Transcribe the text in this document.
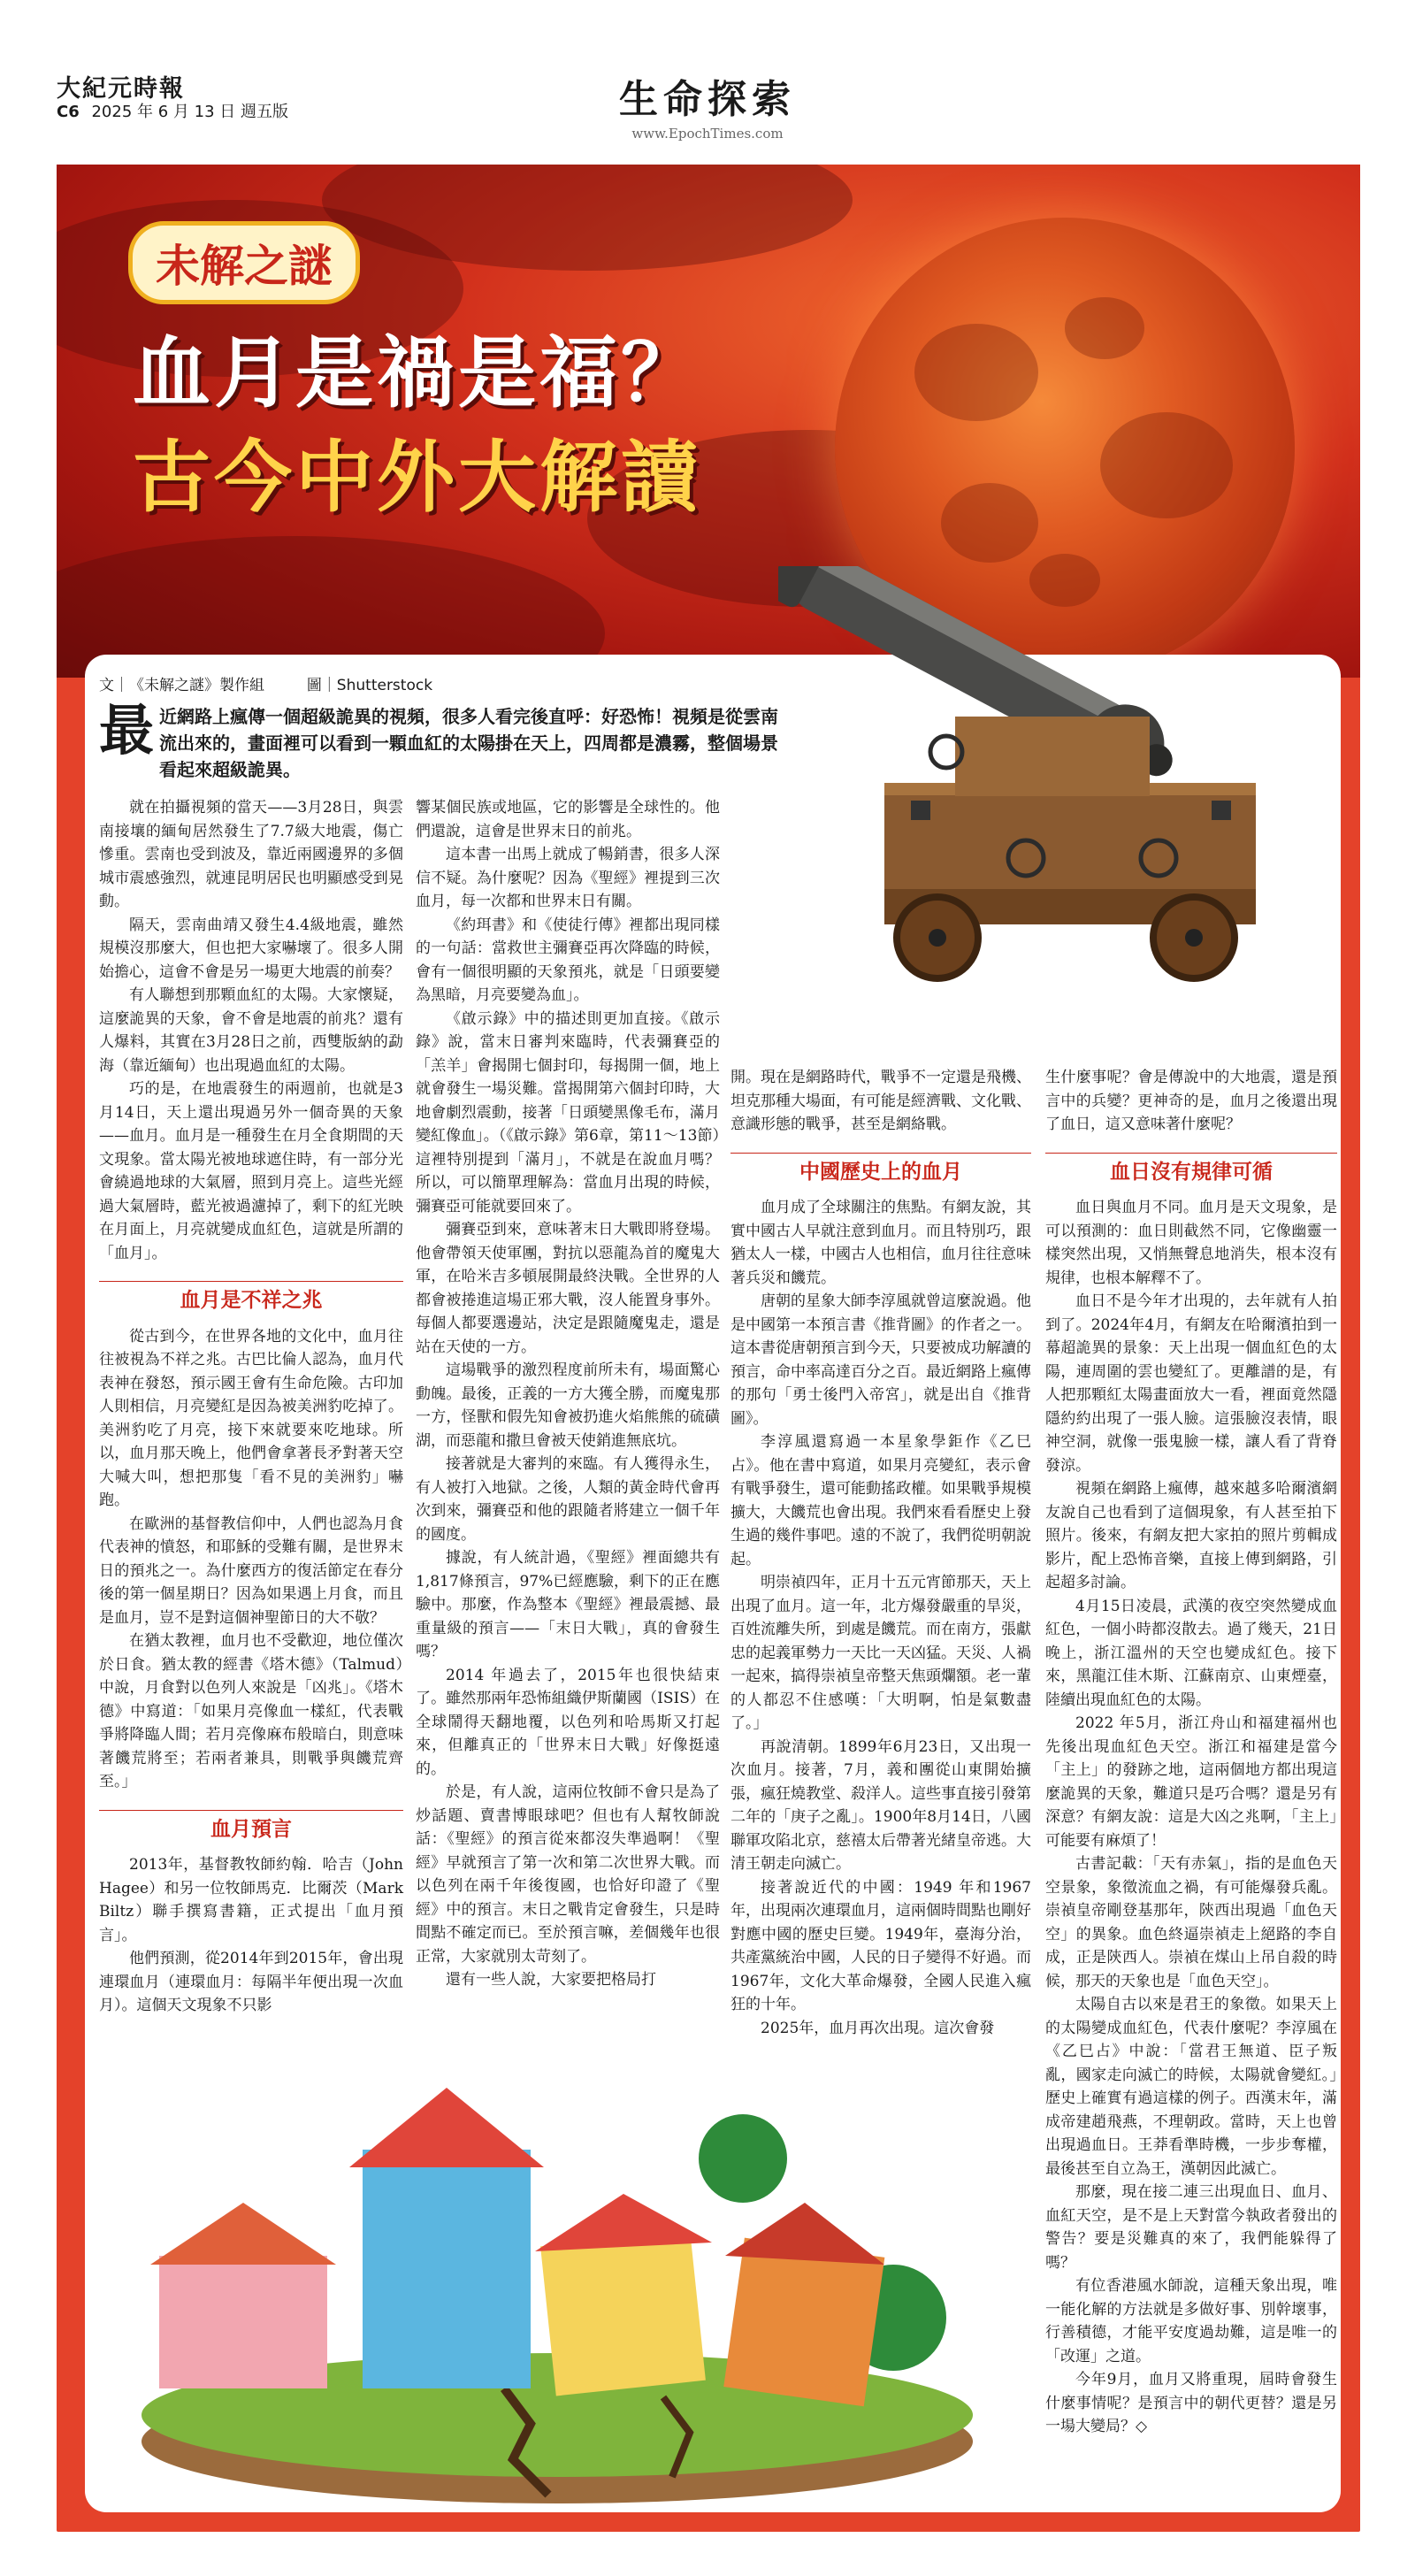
大紀元時報
C6 2025 年 6 月 13 日 週五版	生命探索
www.EpochTimes.com
未解之謎
血月是禍是福？
古今中外大解讀
文｜《未解之謎》製作組 　	圖｜Shutterstock
最 近網路上瘋傳一個超級詭異的視頻，很多人看完後直呼：好恐怖！視頻是從雲南流出來的，畫面裡可以看到一顆血紅的太陽掛在天上，四周都是濃霧，整個場景看起來超級詭異。

就在拍攝視頻的當天——3月28日，與雲南接壤的緬甸居然發生了7.7級大地震，傷亡慘重。雲南也受到波及，靠近兩國邊界的多個城市震感強烈，就連昆明居民也明顯感受到晃動。

隔天，雲南曲靖又發生4.4級地震，雖然規模沒那麼大，但也把大家嚇壞了。很多人開始擔心，這會不會是另一場更大地震的前奏？

有人聯想到那顆血紅的太陽。大家懷疑，這麼詭異的天象，會不會是地震的前兆？還有人爆料，其實在3月28日之前，西雙版納的勐海（靠近緬甸）也出現過血紅的太陽。

巧的是，在地震發生的兩週前，也就是3月14日，天上還出現過另外一個奇異的天象——血月。血月是一種發生在月全食期間的天文現象。當太陽光被地球遮住時，有一部分光會繞過地球的大氣層，照到月亮上。這些光經過大氣層時，藍光被過濾掉了，剩下的紅光映在月面上，月亮就變成血紅色，這就是所謂的「血月」。

血月是不祥之兆

從古到今，在世界各地的文化中，血月往往被視為不祥之兆。古巴比倫人認為，血月代表神在發怒，預示國王會有生命危險。古印加人則相信，月亮變紅是因為被美洲豹吃掉了。美洲豹吃了月亮，接下來就要來吃地球。所以，血月那天晚上，他們會拿著長矛對著天空大喊大叫，想把那隻「看不見的美洲豹」嚇跑。

在歐洲的基督教信仰中，人們也認為月食代表神的憤怒，和耶穌的受難有關，是世界末日的預兆之一。為什麼西方的復活節定在春分後的第一個星期日？因為如果遇上月食，而且是血月，豈不是對這個神聖節日的大不敬？

在猶太教裡，血月也不受歡迎，地位僅次於日食。猶太教的經書《塔木德》（Talmud）中說，月食對以色列人來說是「凶兆」。《塔木德》中寫道：「如果月亮像血一樣紅，代表戰爭將降臨人間；若月亮像麻布般暗白，則意味著饑荒將至；若兩者兼具，則戰爭與饑荒齊至。」

血月預言

2013年，基督教牧師約翰．哈吉（John Hagee）和另一位牧師馬克．比爾茨（Mark Biltz）聯手撰寫書籍，正式提出「血月預言」。

他們預測，從2014年到2015年，會出現連環血月（連環血月：每隔半年便出現一次血月）。這個天文現象不只影

響某個民族或地區，它的影響是全球性的。他們還說，這會是世界末日的前兆。

這本書一出馬上就成了暢銷書，很多人深信不疑。為什麼呢？因為《聖經》裡提到三次血月，每一次都和世界末日有關。

《約珥書》和《使徒行傳》裡都出現同樣的一句話：當救世主彌賽亞再次降臨的時候，會有一個很明顯的天象預兆，就是「日頭要變為黑暗，月亮要變為血」。

《啟示錄》中的描述則更加直接。《啟示錄》說，當末日審判來臨時，代表彌賽亞的「羔羊」會揭開七個封印，每揭開一個，地上就會發生一場災難。當揭開第六個封印時，大地會劇烈震動，接著「日頭變黑像毛布，滿月變紅像血」。（《啟示錄》第6章，第11～13節）這裡特別提到「滿月」，不就是在說血月嗎？所以，可以簡單理解為：當血月出現的時候，彌賽亞可能就要回來了。

彌賽亞到來，意味著末日大戰即將登場。他會帶領天使軍團，對抗以惡龍為首的魔鬼大軍，在哈米吉多頓展開最終決戰。全世界的人都會被捲進這場正邪大戰，沒人能置身事外。每個人都要選邊站，決定是跟隨魔鬼走，還是站在天使的一方。

這場戰爭的激烈程度前所未有，場面驚心動魄。最後，正義的一方大獲全勝，而魔鬼那一方，怪獸和假先知會被扔進火焰熊熊的硫磺湖，而惡龍和撒旦會被天使銷進無底坑。

接著就是大審判的來臨。有人獲得永生，有人被打入地獄。之後，人類的黃金時代會再次到來，彌賽亞和他的跟隨者將建立一個千年的國度。

據說，有人統計過，《聖經》裡面總共有1,817條預言，97%已經應驗，剩下的正在應驗中。那麼，作為整本《聖經》裡最震撼、最重量級的預言——「末日大戰」，真的會發生嗎？

2014 年過去了，2015年也很快結束了。雖然那兩年恐怖組織伊斯蘭國（ISIS）在全球鬧得天翻地覆，以色列和哈馬斯又打起來，但離真正的「世界末日大戰」好像挺遠的。

於是，有人說，這兩位牧師不會只是為了炒話題、賣書博眼球吧？但也有人幫牧師說話：《聖經》的預言從來都沒失準過啊！《聖經》早就預言了第一次和第二次世界大戰。而以色列在兩千年後復國，也恰好印證了《聖經》中的預言。末日之戰肯定會發生，只是時間點不確定而已。至於預言嘛，差個幾年也很正常，大家就別太苛刻了。

還有一些人說，大家要把格局打

開。現在是網路時代，戰爭不一定還是飛機、坦克那種大場面，有可能是經濟戰、文化戰、意識形態的戰爭，甚至是網絡戰。

中國歷史上的血月

血月成了全球關注的焦點。有網友說，其實中國古人早就注意到血月。而且特別巧，跟猶太人一樣，中國古人也相信，血月往往意味著兵災和饑荒。

唐朝的星象大師李淳風就曾這麼說過。他是中國第一本預言書《推背圖》的作者之一。這本書從唐朝預言到今天，只要被成功解讀的預言，命中率高達百分之百。最近網路上瘋傳的那句「勇士後門入帝宮」，就是出自《推背圖》。

李淳風還寫過一本星象學鉅作《乙巳占》。他在書中寫道，如果月亮變紅，表示會有戰爭發生，還可能動搖政權。如果戰爭規模擴大，大饑荒也會出現。我們來看看歷史上發生過的幾件事吧。遠的不說了，我們從明朝說起。

明崇禎四年，正月十五元宵節那天，天上出現了血月。這一年，北方爆發嚴重的旱災，百姓流離失所，到處是饑荒。而在南方，張獻忠的起義軍勢力一天比一天凶猛。天災、人禍一起來，搞得崇禎皇帝整天焦頭爛額。老一輩的人都忍不住感嘆：「大明啊，怕是氣數盡了。」

再說清朝。1899年6月23日，又出現一次血月。接著，7月，義和團從山東開始擴張，瘋狂燒教堂、殺洋人。這些事直接引發第二年的「庚子之亂」。1900年8月14日，八國聯軍攻陷北京，慈禧太后帶著光緒皇帝逃。大清王朝走向滅亡。

接著說近代的中國：1949 年和1967年，出現兩次連環血月，這兩個時間點也剛好對應中國的歷史巨變。1949年，臺海分治，共產黨統治中國，人民的日子變得不好過。而1967年，文化大革命爆發，全國人民進入瘋狂的十年。

2025年，血月再次出現。這次會發

生什麼事呢？會是傳說中的大地震，還是預言中的兵變？更神奇的是，血月之後還出現了血日，這又意味著什麼呢？

血日沒有規律可循

血日與血月不同。血月是天文現象，是可以預測的：血日則截然不同，它像幽靈一樣突然出現，又悄無聲息地消失，根本沒有規律，也根本解釋不了。

血日不是今年才出現的，去年就有人拍到了。2024年4月，有網友在哈爾濱拍到一幕超詭異的景象：天上出現一個血紅色的太陽，連周圍的雲也變紅了。更離譜的是，有人把那顆紅太陽畫面放大一看，裡面竟然隱隱約約出現了一張人臉。這張臉沒表情，眼神空洞，就像一張鬼臉一樣，讓人看了背脊發涼。

視頻在網路上瘋傳，越來越多哈爾濱網友說自己也看到了這個現象，有人甚至拍下照片。後來，有網友把大家拍的照片剪輯成影片，配上恐怖音樂，直接上傳到網路，引起超多討論。

4月15日凌晨，武漢的夜空突然變成血紅色，一個小時都沒散去。過了幾天，21日晚上，浙江溫州的天空也變成紅色。接下來，黑龍江佳木斯、江蘇南京、山東煙臺，陸續出現血紅色的太陽。

2022 年5月，浙江舟山和福建福州也先後出現血紅色天空。浙江和福建是當今「主上」的發跡之地，這兩個地方都出現這麼詭異的天象，難道只是巧合嗎？還是另有深意？有網友說：這是大凶之兆啊，「主上」可能要有麻煩了！

古書記載：「天有赤氣」，指的是血色天空景象，象徵流血之禍，有可能爆發兵亂。崇禎皇帝剛登基那年，陝西出現過「血色天空」的異象。血色終逼崇禎走上絕路的李自成，正是陝西人。崇禎在煤山上吊自殺的時候，那天的天象也是「血色天空」。

太陽自古以來是君王的象徵。如果天上的太陽變成血紅色，代表什麼呢？李淳風在《乙巳占》中說：「當君王無道、臣子叛亂，國家走向滅亡的時候，太陽就會變紅。」歷史上確實有過這樣的例子。西漢末年，滿成帝建趙飛燕，不理朝政。當時，天上也曾出現過血日。王莽看準時機，一步步奪權，最後甚至自立為王，漢朝因此滅亡。

那麼，現在接二連三出現血日、血月、血紅天空，是不是上天對當今執政者發出的警告？要是災難真的來了，我們能躲得了嗎？

有位香港風水師說，這種天象出現，唯一能化解的方法就是多做好事、別幹壞事，行善積德，才能平安度過劫難，這是唯一的「改運」之道。

今年9月，血月又將重現，屆時會發生什麼事情呢？是預言中的朝代更替？還是另一場大變局？◇
